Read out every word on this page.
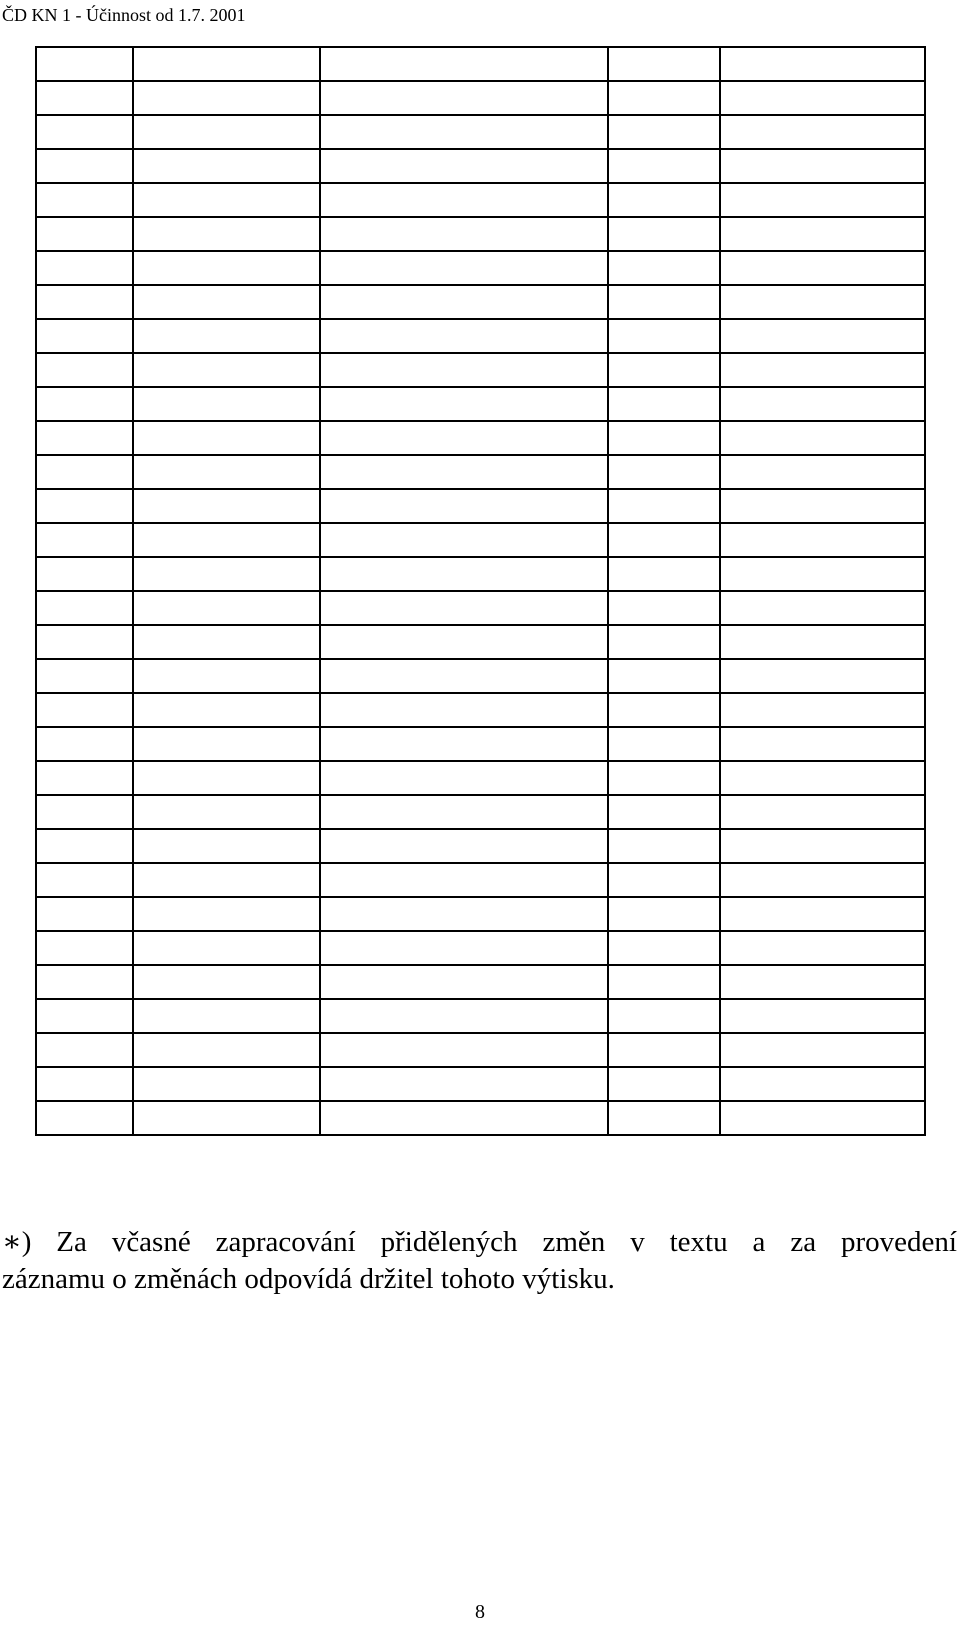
ČD KN 1 - Účinnost od 1.7. 2001

∗) Za včasné zapracování přidělených změn v textu a za provedení
záznamu o změnách odpovídá držitel tohoto výtisku.
8
